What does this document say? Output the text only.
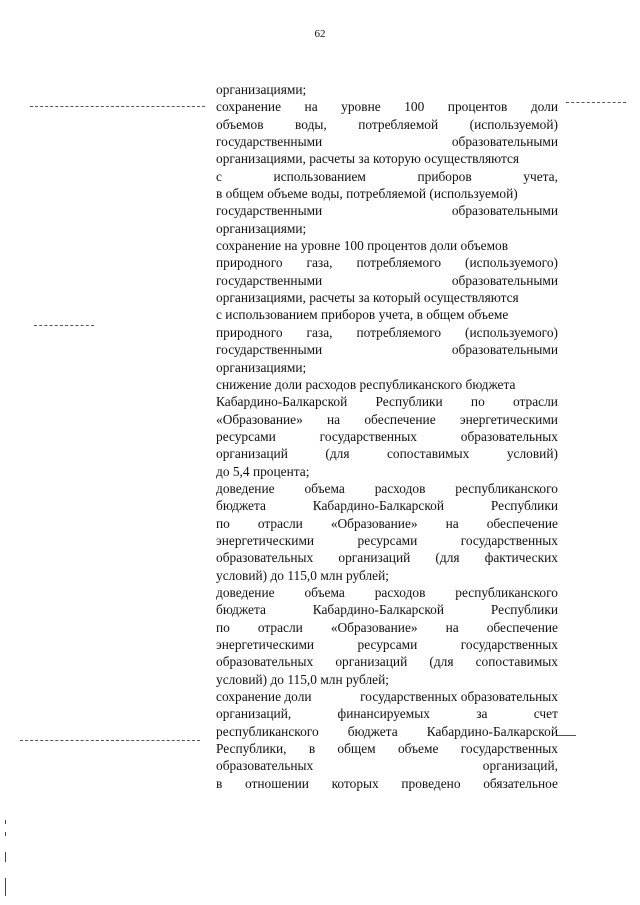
62
организациями;
сохранение на уровне 100 процентов доли
объемов воды, потребляемой (используемой)
государственными	образовательными
организациями, расчеты за которую осуществляются
с	использованием	приборов	учета,
в общем объеме воды, потребляемой (используемой)
государственными	образовательными
организациями;
сохранение на уровне 100 процентов доли объемов
природного газа, потребляемого (используемого)
государственными	образовательными
организациями, расчеты за который осуществляются
с использованием приборов учета, в общем объеме
природного газа, потребляемого (используемого)
государственными	образовательными
организациями;
снижение доли расходов республиканского бюджета
Кабардино-Балкарской Республики по отрасли
«Образование» на обеспечение энергетическими
ресурсами	государственных	образовательных
организаций	(для	сопоставимых	условий)
до 5,4 процента;
доведение объема расходов республиканского
бюджета	Кабардино-Балкарской	Республики
по отрасли «Образование» на обеспечение
энергетическими	ресурсами	государственных
образовательных организаций (для фактических
условий) до 115,0 млн рублей;
доведение объема расходов республиканского
бюджета	Кабардино-Балкарской	Республики
по отрасли «Образование» на обеспечение
энергетическими	ресурсами	государственных
образовательных организаций (для сопоставимых
условий) до 115,0 млн рублей;
сохранение доли	государственных образовательных
организаций,	финансируемых	за	счет
республиканского бюджета Кабардино-Балкарской
Республики, в общем объеме государственных
образовательных	организаций,
в отношении которых проведено обязательное
